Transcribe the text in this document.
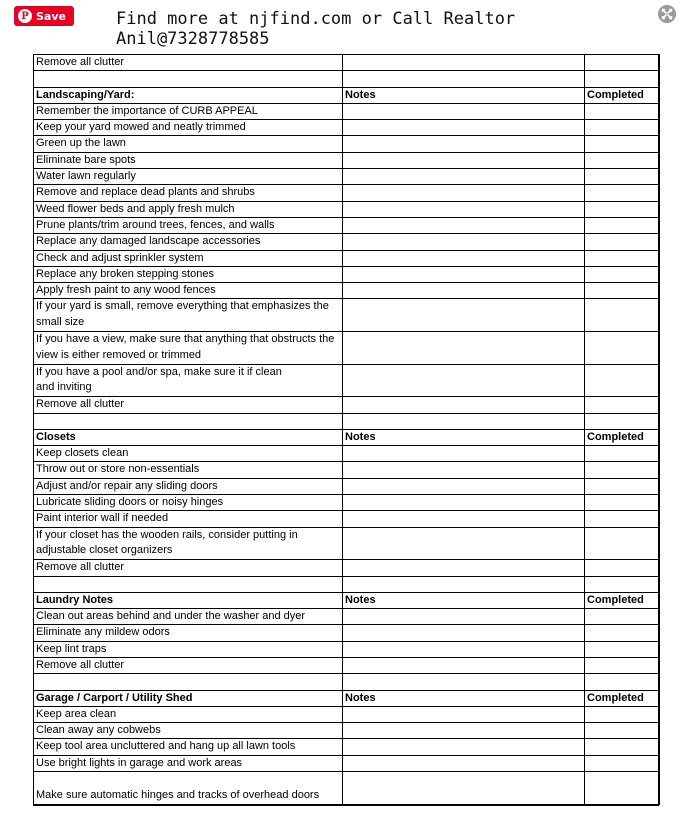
P Save	Find more at njfind.com or Call Realtor
Anil@7328778585
Remove all clutter		

Landscaping/Yard:	Notes	Completed
Remember the importance of CURB APPEAL		
Keep your yard mowed and neatly trimmed		
Green up the lawn		
Eliminate bare spots		
Water lawn regularly		
Remove and replace dead plants and shrubs		
Weed flower beds and apply fresh mulch		
Prune plants/trim around trees, fences, and walls		
Replace any damaged landscape accessories		
Check and adjust sprinkler system		
Replace any broken stepping stones		
Apply fresh paint to any wood fences		
If your yard is small, remove everything that emphasizes the small size		
If you have a view, make sure that anything that obstructs the view is either removed or trimmed		
If you have a pool and/or spa, make sure it if clean
and inviting		
Remove all clutter		

Closets	Notes	Completed
Keep closets clean		
Throw out or store non-essentials		
Adjust and/or repair any sliding doors		
Lubricate sliding doors or noisy hinges		
Paint interior wall if needed		
If your closet has the wooden rails, consider putting in adjustable closet organizers		
Remove all clutter		

Laundry Notes	Notes	Completed
Clean out areas behind and under the washer and dyer		
Eliminate any mildew odors		
Keep lint traps		
Remove all clutter		

Garage / Carport / Utility Shed	Notes	Completed
Keep area clean		
Clean away any cobwebs		
Keep tool area uncluttered and hang up all lawn tools		
Use bright lights in garage and work areas		
Make sure automatic hinges and tracks of overhead doors		
